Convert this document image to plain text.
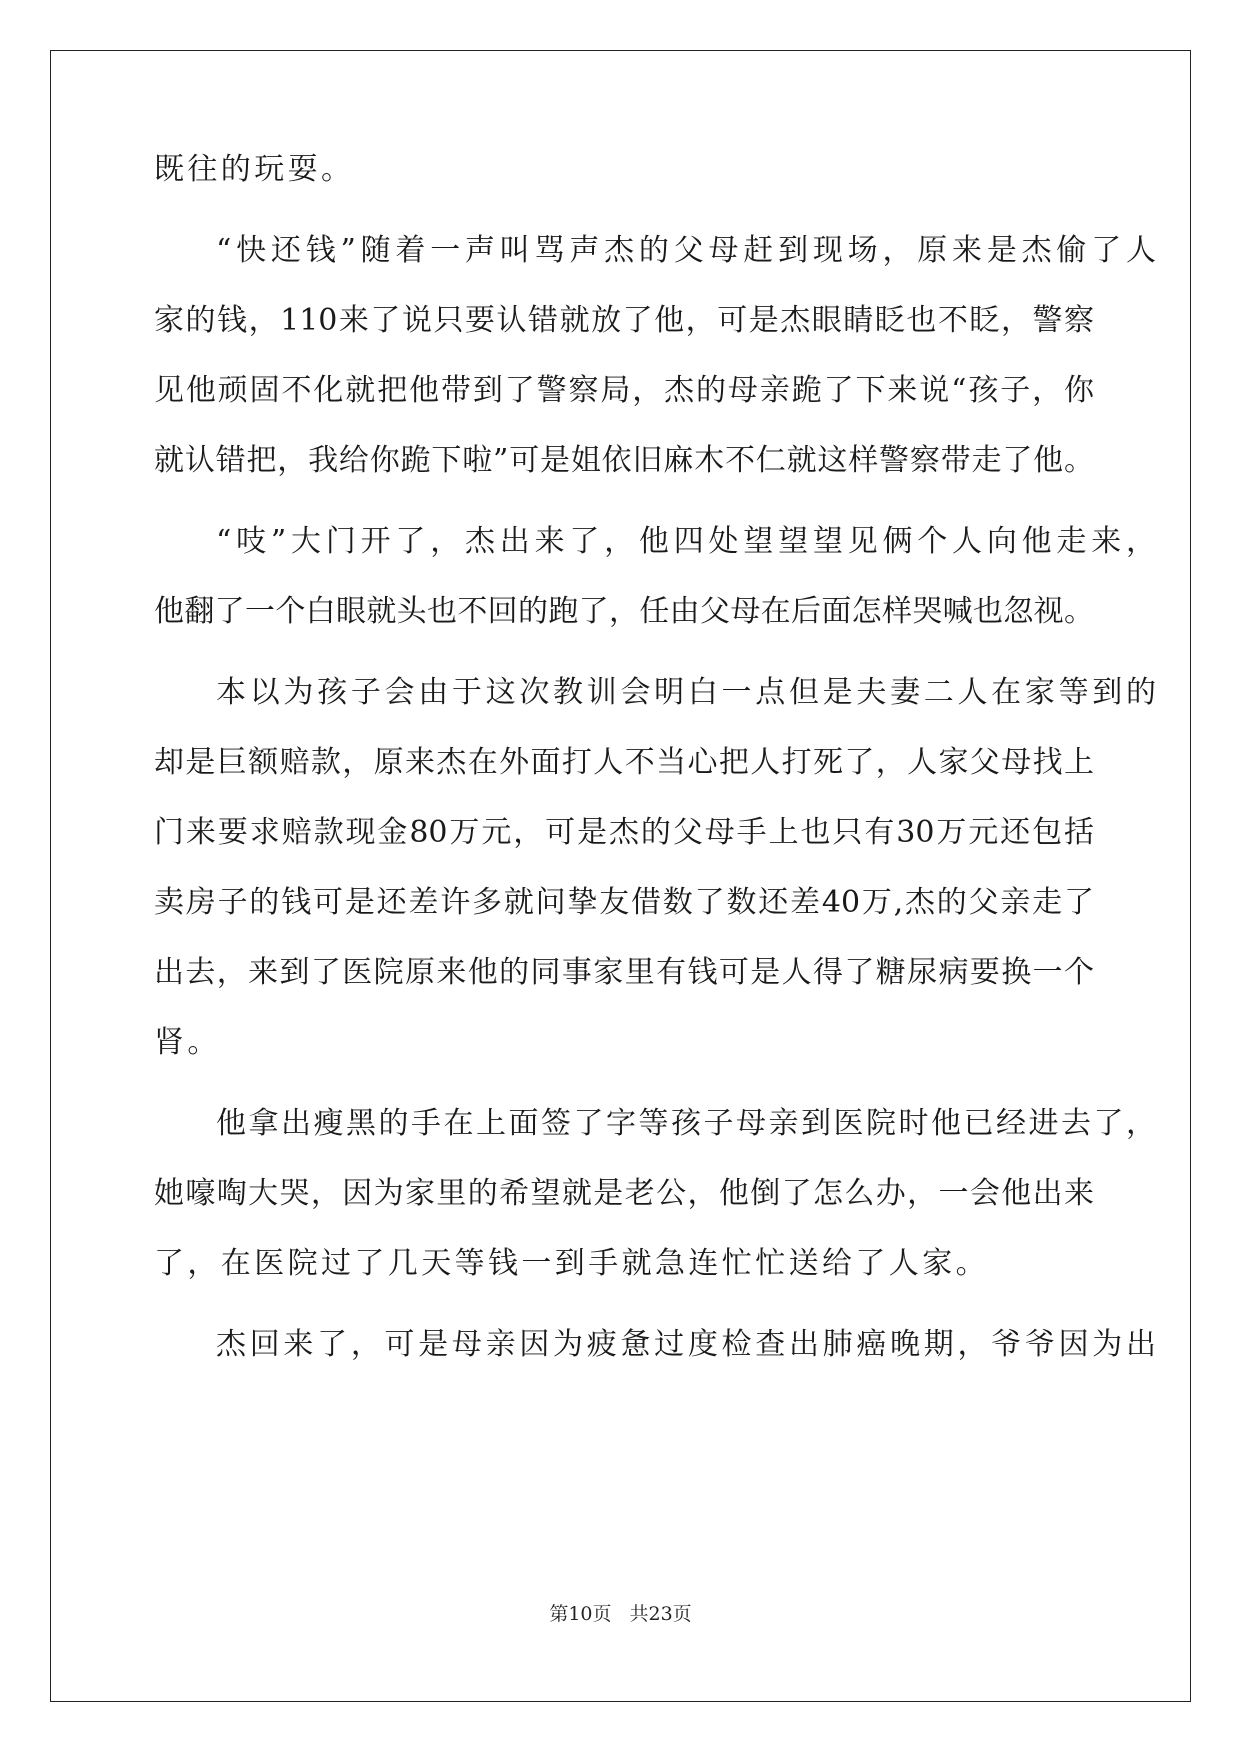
既往的玩耍。
“快还钱”随着一声叫骂声杰的父母赶到现场，原来是杰偷了人
家的钱，110来了说只要认错就放了他，可是杰眼睛眨也不眨，警察
见他顽固不化就把他带到了警察局，杰的母亲跪了下来说“孩子，你
就认错把，我给你跪下啦”可是姐依旧麻木不仁就这样警察带走了他。
“吱”大门开了，杰出来了，他四处望望望见俩个人向他走来，
他翻了一个白眼就头也不回的跑了，任由父母在后面怎样哭喊也忽视。
本以为孩子会由于这次教训会明白一点但是夫妻二人在家等到的
却是巨额赔款，原来杰在外面打人不当心把人打死了，人家父母找上
门来要求赔款现金80万元，可是杰的父母手上也只有30万元还包括
卖房子的钱可是还差许多就问挚友借数了数还差40万,杰的父亲走了
出去，来到了医院原来他的同事家里有钱可是人得了糖尿病要换一个
肾。
他拿出瘦黑的手在上面签了字等孩子母亲到医院时他已经进去了，
她嚎啕大哭，因为家里的希望就是老公，他倒了怎么办，一会他出来
了，在医院过了几天等钱一到手就急连忙忙送给了人家。
杰回来了，可是母亲因为疲惫过度检查出肺癌晚期，爷爷因为出
第10页 共23页
